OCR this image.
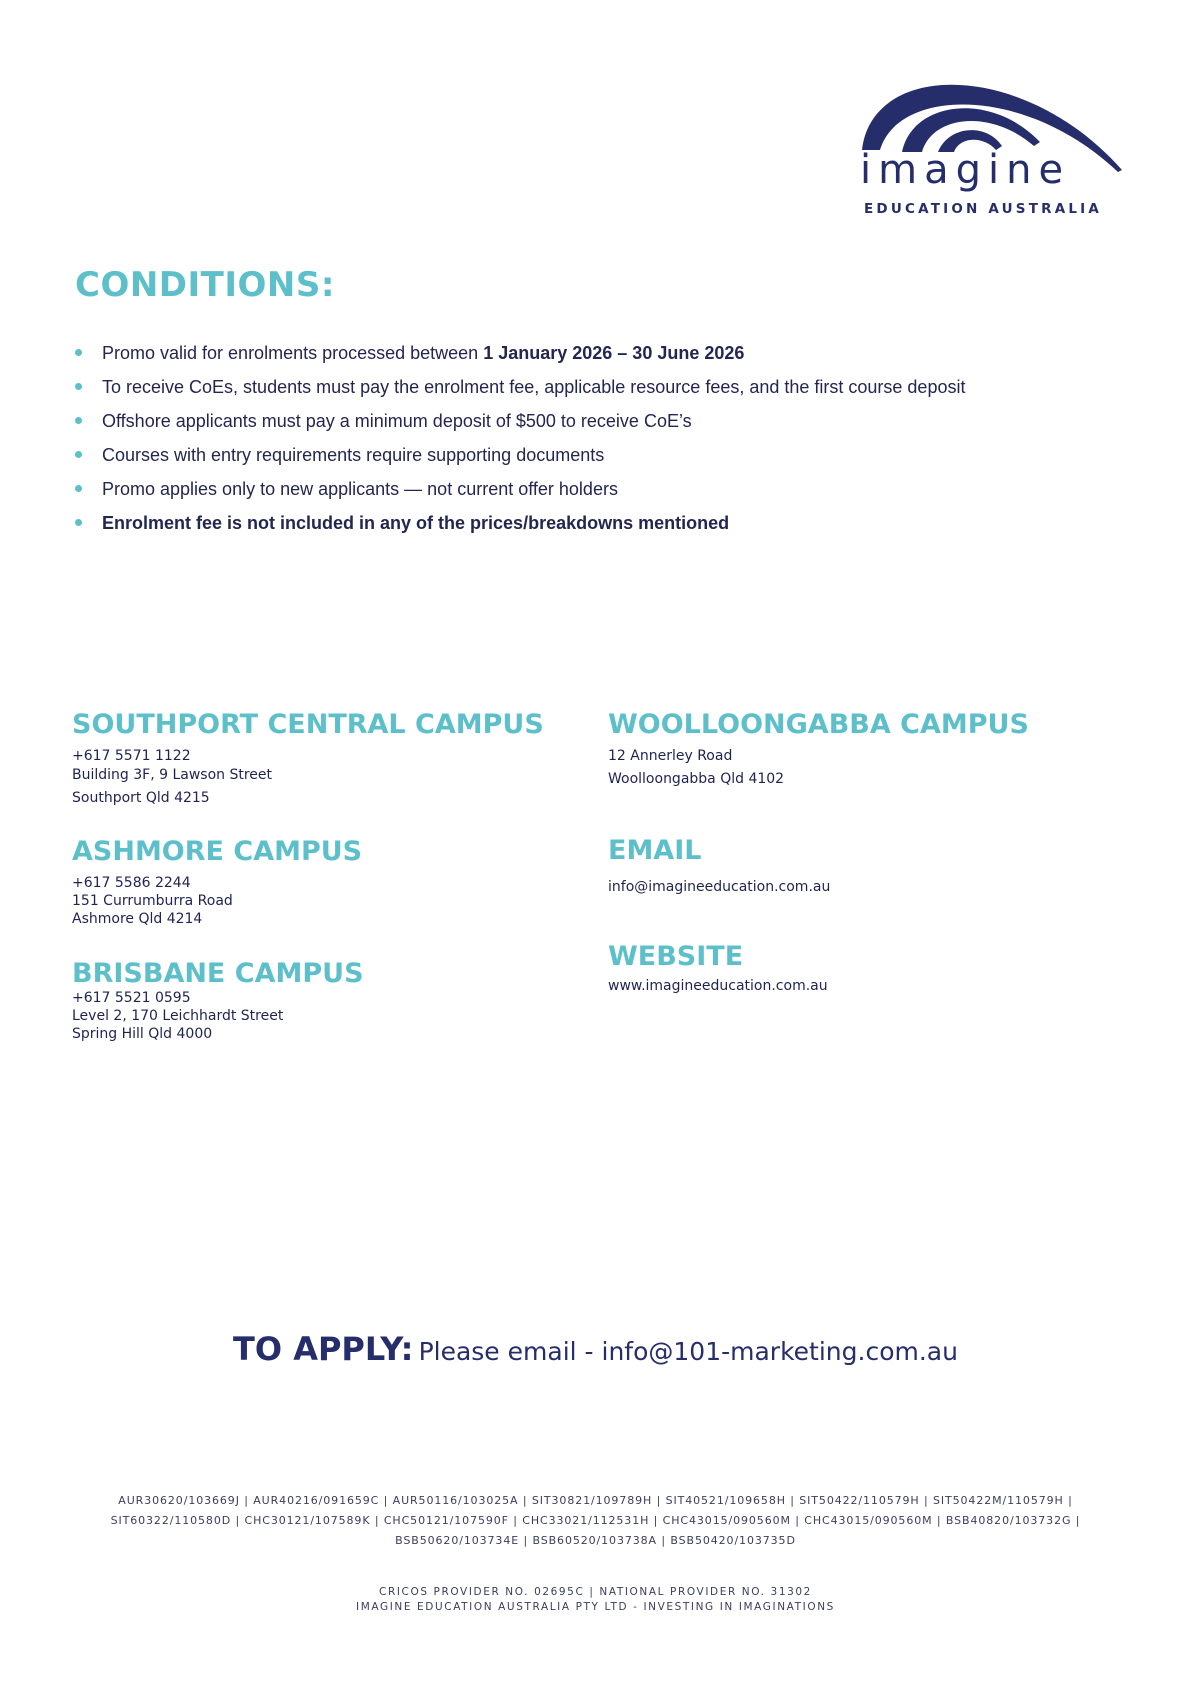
imagine
EDUCATION AUSTRALIA
CONDITIONS:
Promo valid for enrolments processed between 1 January 2026 – 30 June 2026
To receive CoEs, students must pay the enrolment fee, applicable resource fees, and the first course deposit
Offshore applicants must pay a minimum deposit of $500 to receive CoE’s
Courses with entry requirements require supporting documents
Promo applies only to new applicants — not current offer holders
Enrolment fee is not included in any of the prices/breakdowns mentioned
SOUTHPORT CENTRAL CAMPUS
+617 5571 1122
Building 3F, 9 Lawson Street
Southport Qld 4215
ASHMORE CAMPUS
+617 5586 2244
151 Currumburra Road
Ashmore Qld 4214
BRISBANE CAMPUS
+617 5521 0595
Level 2, 170 Leichhardt Street
Spring Hill Qld 4000
WOOLLOONGABBA CAMPUS
12 Annerley Road
Woolloongabba Qld 4102
EMAIL
info@imagineeducation.com.au
WEBSITE
www.imagineeducation.com.au
TO APPLY: Please email - info@101-marketing.com.au
AUR30620/103669J | AUR40216/091659C | AUR50116/103025A | SIT30821/109789H | SIT40521/109658H | SIT50422/110579H | SIT50422M/110579H |
SIT60322/110580D | CHC30121/107589K | CHC50121/107590F | CHC33021/112531H | CHC43015/090560M | CHC43015/090560M | BSB40820/103732G |
BSB50620/103734E | BSB60520/103738A | BSB50420/103735D
CRICOS PROVIDER NO. 02695C | NATIONAL PROVIDER NO. 31302
IMAGINE EDUCATION AUSTRALIA PTY LTD - INVESTING IN IMAGINATIONS
